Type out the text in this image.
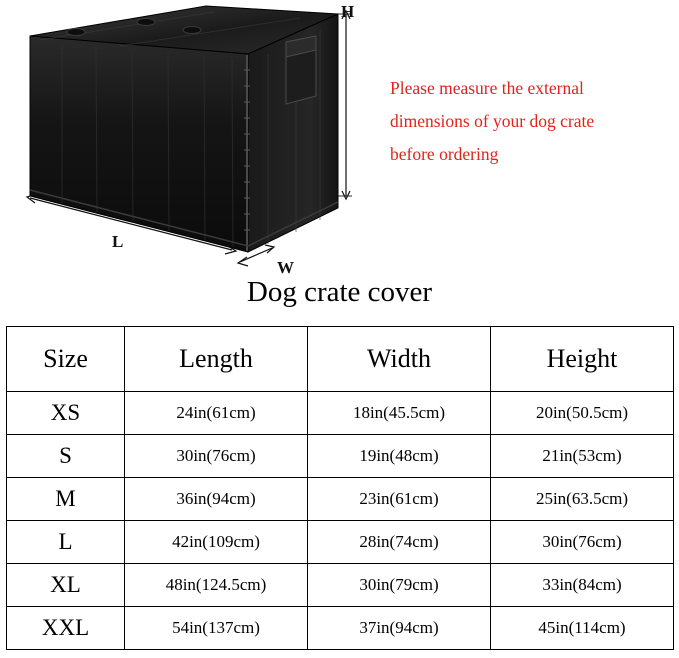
H
L
W
Please measure the external
dimensions of your dog crate
before ordering
Dog crate cover
Size	Length	Width	Height
XS	24in(61cm)	18in(45.5cm)	20in(50.5cm)
S	30in(76cm)	19in(48cm)	21in(53cm)
M	36in(94cm)	23in(61cm)	25in(63.5cm)
L	42in(109cm)	28in(74cm)	30in(76cm)
XL	48in(124.5cm)	30in(79cm)	33in(84cm)
XXL	54in(137cm)	37in(94cm)	45in(114cm)
